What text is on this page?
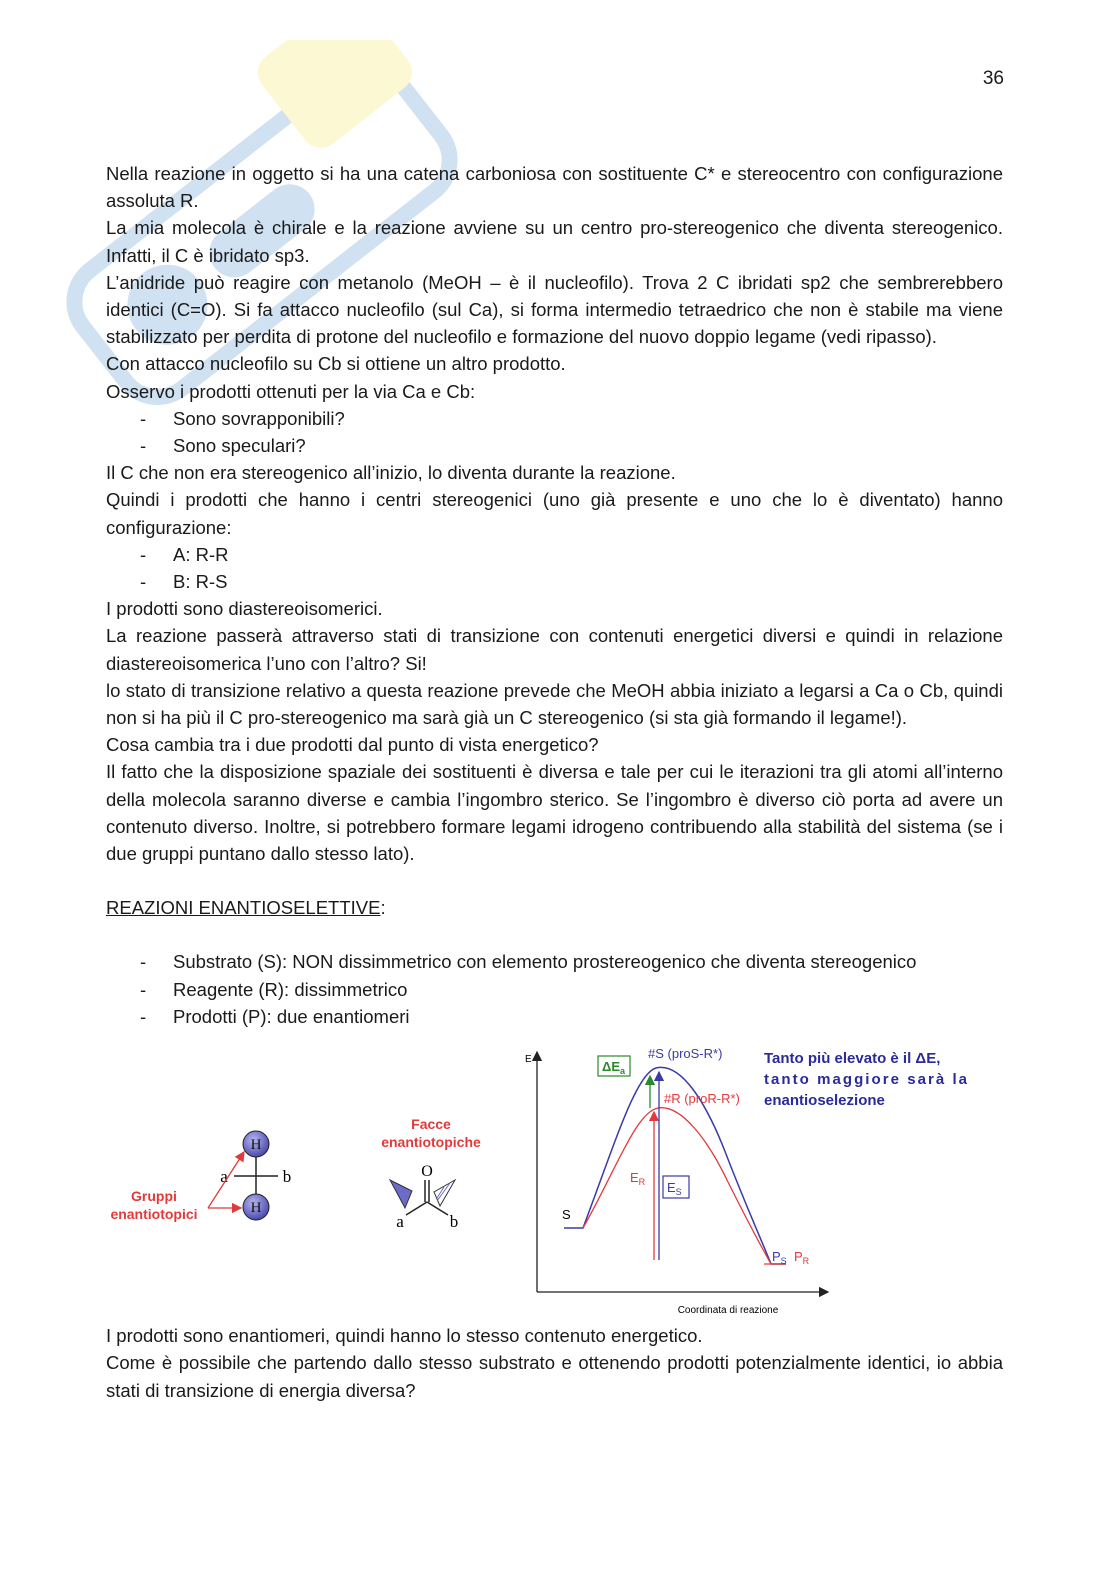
36

Nella reazione in oggetto si ha una catena carboniosa con sostituente C* e stereocentro con configurazione assoluta R.

La mia molecola è chirale e la reazione avviene su un centro pro-stereogenico che diventa stereogenico. Infatti, il C è ibridato sp3.

L’anidride può reagire con metanolo (MeOH – è il nucleofilo). Trova 2 C ibridati sp2 che sembrerebbero identici (C=O). Si fa attacco nucleofilo (sul Ca), si forma intermedio tetraedrico che non è stabile ma viene stabilizzato per perdita di protone del nucleofilo e formazione del nuovo doppio legame (vedi ripasso).

Con attacco nucleofilo su Cb si ottiene un altro prodotto.

Osservo i prodotti ottenuti per la via Ca e Cb:

- Sono sovrapponibili?
- Sono speculari?

Il C che non era stereogenico all’inizio, lo diventa durante la reazione.

Quindi i prodotti che hanno i centri stereogenici (uno già presente e uno che lo è diventato) hanno configurazione:

- A: R-R
- B: R-S

I prodotti sono diastereoisomerici.

La reazione passerà attraverso stati di transizione con contenuti energetici diversi e quindi in relazione diastereoisomerica l’uno con l’altro? Si!

lo stato di transizione relativo a questa reazione prevede che MeOH abbia iniziato a legarsi a Ca o Cb, quindi non si ha più il C pro-stereogenico ma sarà già un C stereogenico (si sta già formando il legame!).

Cosa cambia tra i due prodotti dal punto di vista energetico?

Il fatto che la disposizione spaziale dei sostituenti è diversa e tale per cui le iterazioni tra gli atomi all’interno della molecola saranno diverse e cambia l’ingombro sterico. Se l’ingombro è diverso ciò porta ad avere un contenuto diverso. Inoltre, si potrebbero formare legami idrogeno contribuendo alla stabilità del sistema (se i due gruppi puntano dallo stesso lato).

REAZIONI ENANTIOSELETTIVE:

- Substrato (S): NON dissimmetrico con elemento prostereogenico che diventa stereogenico
- Reagente (R): dissimmetrico
- Prodotti (P): due enantiomeri
H
H
a	b
Gruppi
enantiotopici
Facce
enantiotopiche
O
a	b
E
Coordinata di reazione
$\Delta E_a$
#S (proS-R*)
#R (proR-R*)
$E_R$ $E_S$
S
$P_S$ $P_R$
Tanto più elevato è il ΔE,
tanto maggiore sarà la
enantioselezione

I prodotti sono enantiomeri, quindi hanno lo stesso contenuto energetico.

Come è possibile che partendo dallo stesso substrato e ottenendo prodotti potenzialmente identici, io abbia stati di transizione di energia diversa?
